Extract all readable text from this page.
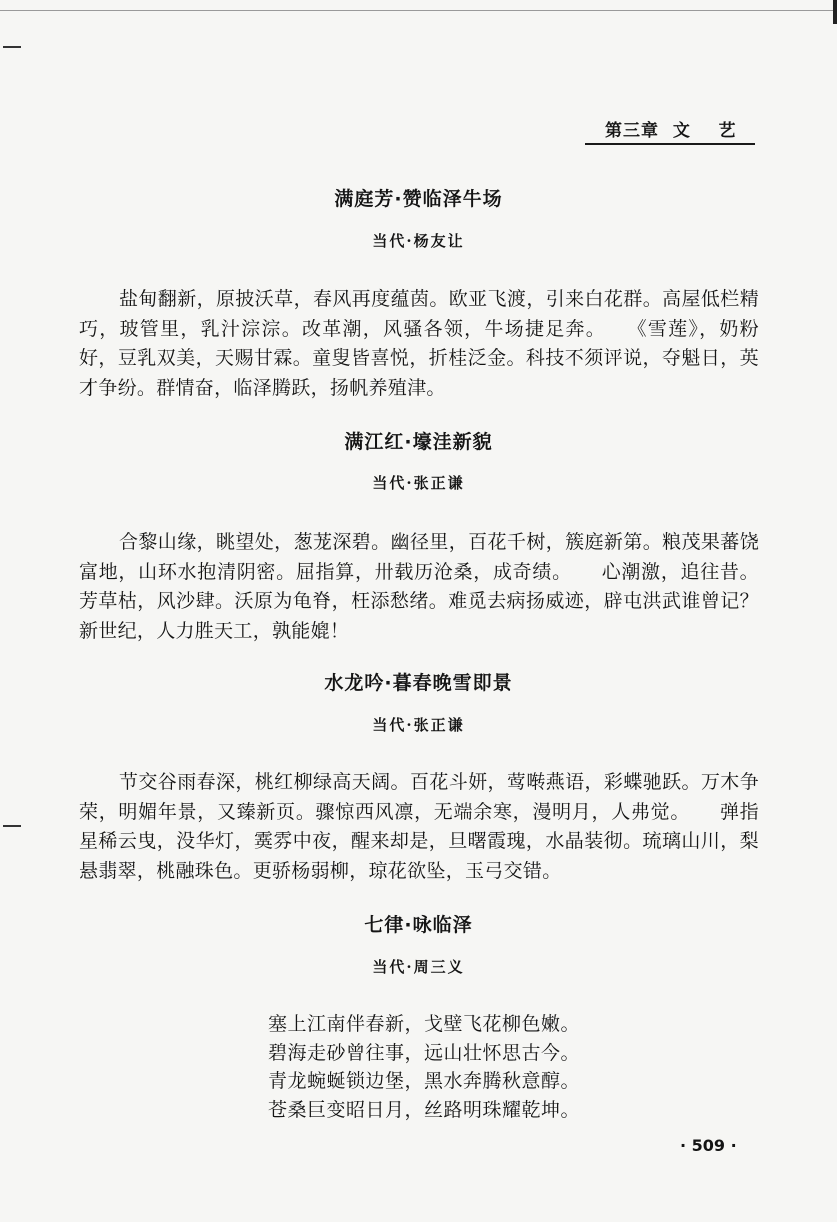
第三章  文    艺
满庭芳·赞临泽牛场
当代·杨友让
盐甸翻新，原披沃草，春风再度蕴茵。欧亚飞渡，引来白花群。高屋低栏精巧，玻管里，乳汁淙淙。改革潮，风骚各领，牛场捷足奔。　　《雪莲》，奶粉好，豆乳双美，天赐甘霖。童叟皆喜悦，折桂泛金。科技不须评说，夺魁日，英才争纷。群情奋，临泽腾跃，扬帆养殖津。
满江红·壕洼新貌
当代·张正谦
合黎山缘，眺望处，葱茏深碧。幽径里，百花千树，簇庭新第。粮茂果蕃饶富地，山环水抱清阴密。屈指算，卅载历沧桑，成奇绩。　　心潮激，追往昔。芳草枯，风沙肆。沃原为龟脊，枉添愁绪。难觅去病扬威迹，辟屯洪武谁曾记？新世纪，人力胜天工，孰能媲！
水龙吟·暮春晚雪即景
当代·张正谦
节交谷雨春深，桃红柳绿高天阔。百花斗妍，莺啭燕语，彩蝶驰跃。万木争荣，明媚年景，又臻新页。骤惊西风凛，无端余寒，漫明月，人弗觉。　　弹指星稀云曳，没华灯，霙雰中夜，醒来却是，旦曙霞瑰，水晶装彻。琉璃山川，梨悬翡翠，桃融珠色。更骄杨弱柳，琼花欲坠，玉弓交错。
七律·咏临泽
当代·周三义
塞上江南伴春新，戈壁飞花柳色嫩。
碧海走砂曾往事，远山壮怀思古今。
青龙蜿蜒锁边堡，黑水奔腾秋意醇。
苍桑巨变昭日月，丝路明珠耀乾坤。
· 509 ·
